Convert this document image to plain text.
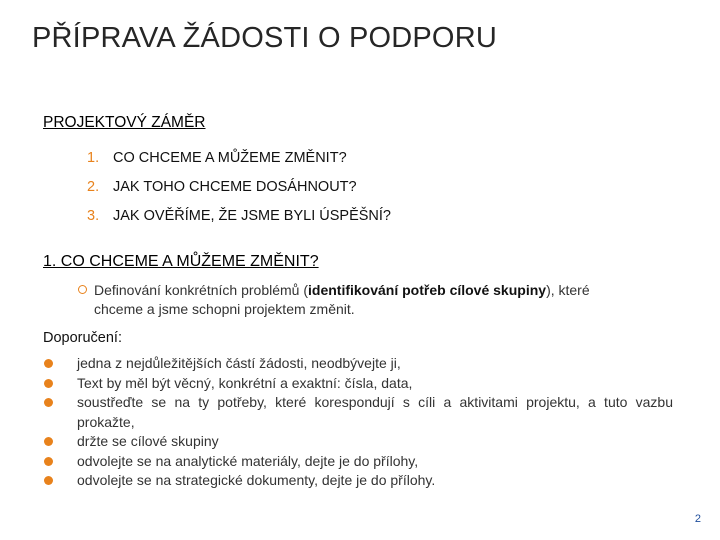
PŘÍPRAVA ŽÁDOSTI O PODPORU
PROJEKTOVÝ ZÁMĚR
1. CO CHCEME A MŮŽEME ZMĚNIT?
2. JAK TOHO CHCEME DOSÁHNOUT?
3. JAK OVĚŘÍME, ŽE JSME BYLI ÚSPĚŠNÍ?
1. CO CHCEME A MŮŽEME ZMĚNIT?
Definování konkrétních problémů (identifikování potřeb cílové skupiny), které chceme a jsme schopni projektem změnit.
Doporučení:
jedna z nejdůležitějších částí žádosti, neodbývejte ji,
Text by měl být věcný, konkrétní a exaktní: čísla, data,
soustřeďte se na ty potřeby, které korespondují s cíli a aktivitami projektu, a tuto vazbu prokažte,
držte se cílové skupiny
odvolejte se na analytické materiály, dejte je do přílohy,
odvolejte se na strategické dokumenty, dejte je do přílohy.
2
